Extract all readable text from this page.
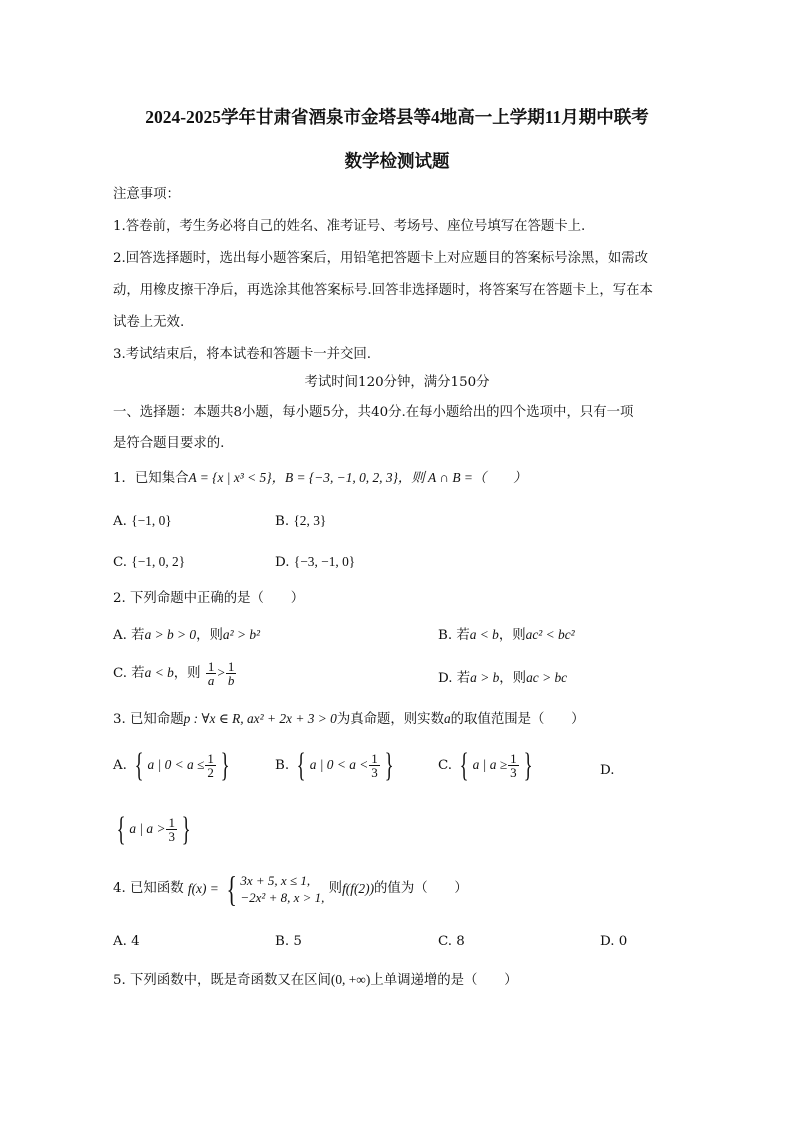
2024-2025学年甘肃省酒泉市金塔县等4地高一上学期11月期中联考
数学检测试题
注意事项：
1.答卷前，考生务必将自己的姓名、准考证号、考场号、座位号填写在答题卡上.
2.回答选择题时，选出每小题答案后，用铅笔把答题卡上对应题目的答案标号涂黑，如需改
动，用橡皮擦干净后，再选涂其他答案标号.回答非选择题时，将答案写在答题卡上，写在本
试卷上无效.
3.考试结束后，将本试卷和答题卡一并交回.
考试时间120分钟，满分150分
一、选择题：本题共8小题，每小题5分，共40分.在每小题给出的四个选项中，只有一项
是符合题目要求的.
1．已知集合A = {x | x³ < 5}，B = {−3, −1, 0, 2, 3}，则 A ∩ B =（　　）
A. {−1, 0}	B. {2, 3}
C. {−1, 0, 2}	D. {−3, −1, 0}
2. 下列命题中正确的是（　　）
A. 若a > b > 0，则a² > b²	B. 若a < b，则ac² < bc²
C. 若a < b，则 $\frac{1}{a} > \frac{1}{b}$	D. 若a > b，则ac > bc
3. 已知命题p : ∀x ∈ R, ax² + 2x + 3 > 0为真命题，则实数a的取值范围是（　　）
A. { a | $0 < a \le \frac{1}{2}$ }	B. { a | $0 < a < \frac{1}{3}$ }	C. { a | $a \ge \frac{1}{3}$ }	D.
{ a | $a > \frac{1}{3}$ }
4. 已知函数 f(x) = { 3x + 5, x ≤ 1,
−2x² + 8, x > 1,
则f(f(2))的值为（　　）
A. 4	B. 5	C. 8	D. 0
5. 下列函数中，既是奇函数又在区间(0, +∞)上单调递增的是（　　）
